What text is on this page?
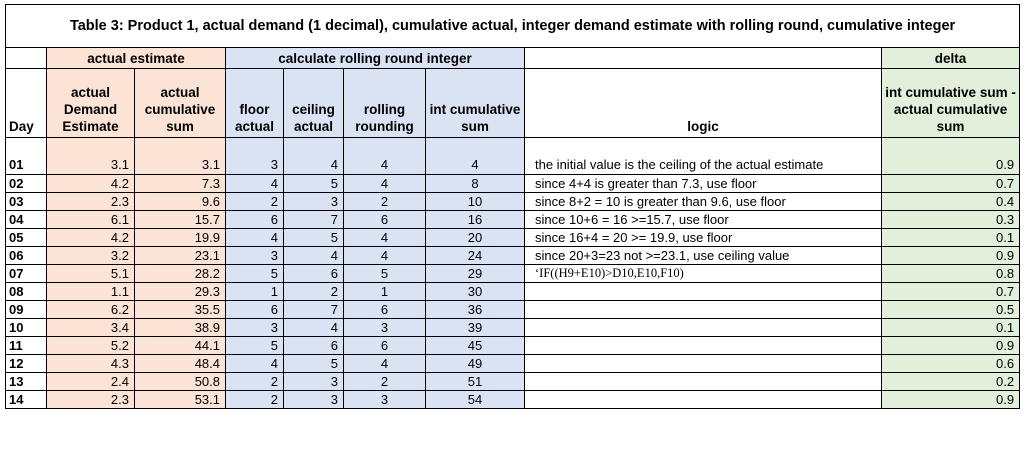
Table 3: Product 1, actual demand (1 decimal), cumulative actual, integer demand estimate with rolling round, cumulative integer								
	actual estimate		calculate rolling round integer					delta
Day	actual Demand Estimate	actual cumulative sum	floor actual	ceiling actual	rolling rounding	int cumulative sum	logic	int cumulative sum - actual cumulative sum
01	3.1	3.1	3	4	4	4	the initial value is the ceiling of the actual estimate	0.9
02	4.2	7.3	4	5	4	8	since 4+4 is greater than 7.3, use floor	0.7
03	2.3	9.6	2	3	2	10	since 8+2 = 10 is greater than 9.6, use floor	0.4
04	6.1	15.7	6	7	6	16	since 10+6 = 16 >=15.7, use floor	0.3
05	4.2	19.9	4	5	4	20	since 16+4 = 20 >= 19.9, use floor	0.1
06	3.2	23.1	3	4	4	24	since 20+3=23 not >=23.1, use ceiling value	0.9
07	5.1	28.2	5	6	5	29	‘IF((H9+E10)>D10,E10,F10)	0.8
08	1.1	29.3	1	2	1	30		0.7
09	6.2	35.5	6	7	6	36		0.5
10	3.4	38.9	3	4	3	39		0.1
11	5.2	44.1	5	6	6	45		0.9
12	4.3	48.4	4	5	4	49		0.6
13	2.4	50.8	2	3	2	51		0.2
14	2.3	53.1	2	3	3	54		0.9
